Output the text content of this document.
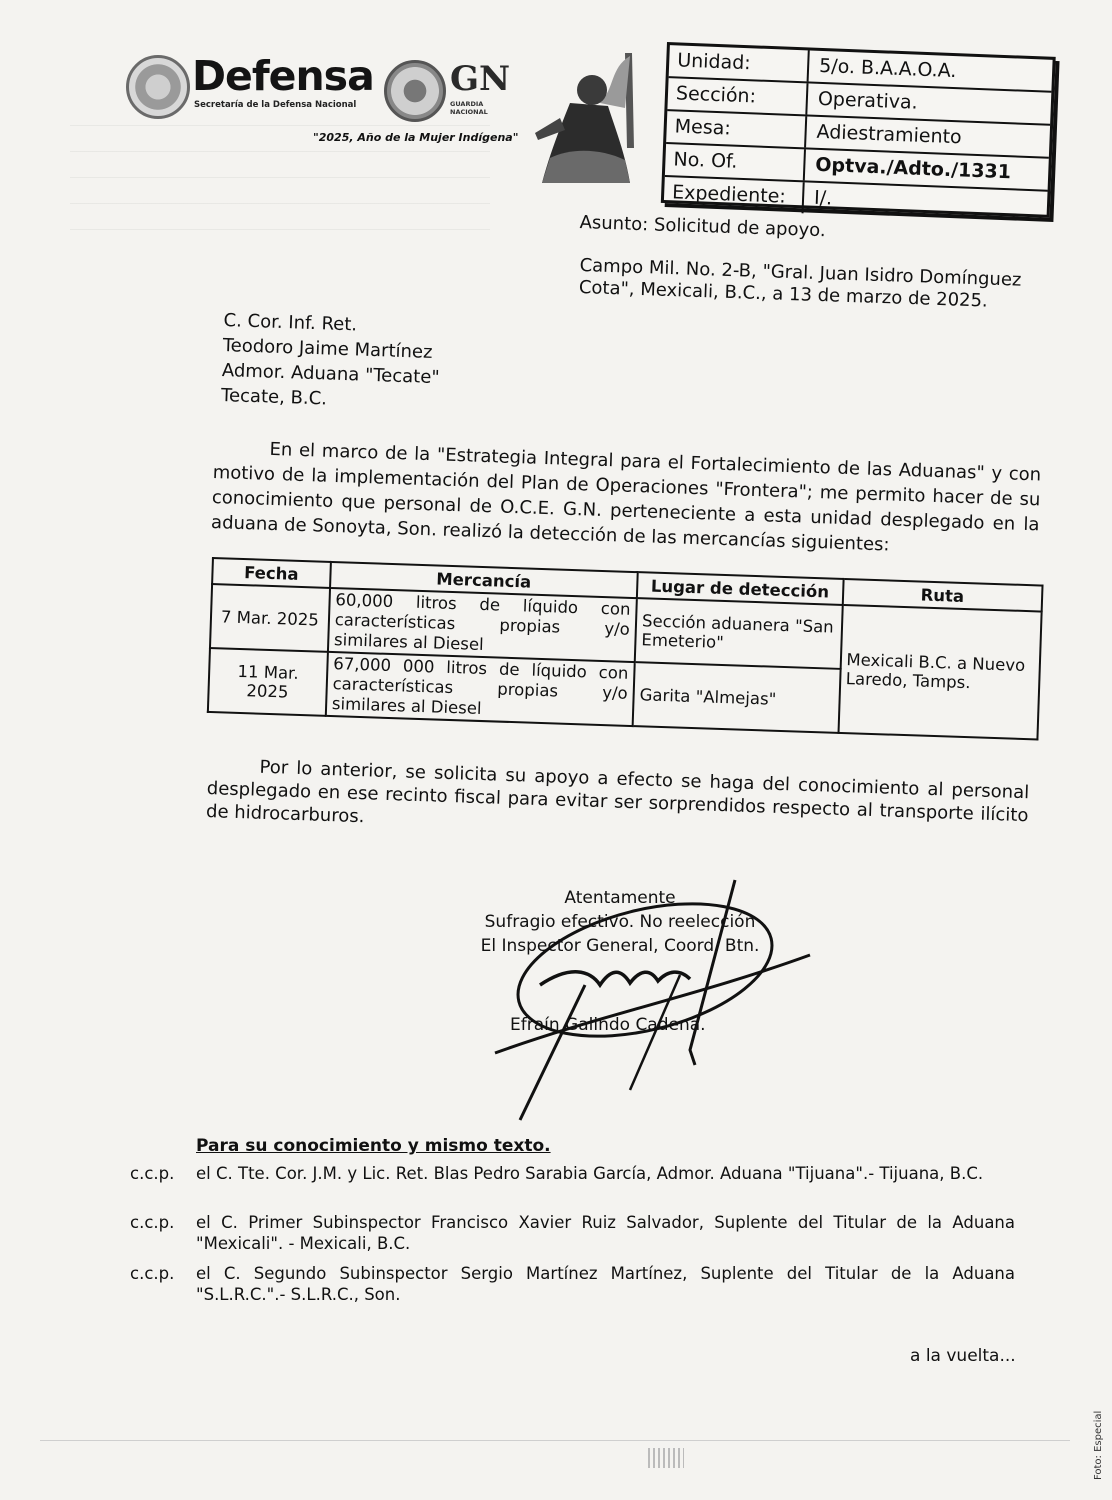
Defensa
Secretaría de la Defensa Nacional
GN
GUARDIA NACIONAL
"2025, Año de la Mujer Indígena"
Unidad:	5/o. B.A.A.O.A.
Sección:	Operativa.
Mesa:	Adiestramiento
No. Of.	Optva./Adto./1331
Expediente:	I/.
Asunto: Solicitud de apoyo.
Campo Mil. No. 2-B, "Gral. Juan Isidro Domínguez Cota", Mexicali, B.C., a 13 de marzo de 2025.
C. Cor. Inf. Ret.
Teodoro Jaime Martínez
Admor. Aduana "Tecate"
Tecate, B.C.
En el marco de la "Estrategia Integral para el Fortalecimiento de las Aduanas" y con motivo de la implementación del Plan de Operaciones "Frontera"; me permito hacer de su conocimiento que personal de O.C.E. G.N. perteneciente a esta unidad desplegado en la aduana de Sonoyta, Son. realizó la detección de las mercancías siguientes:
Fecha	Mercancía	Lugar de detección	Ruta
7 Mar. 2025	60,000 litros de líquido con características propias y/o similares al Diesel	Sección aduanera "San Emeterio"	Mexicali B.C. a Nuevo Laredo, Tamps.
11 Mar. 2025	67,000 000 litros de líquido con características propias y/o similares al Diesel	Garita "Almejas"	
Por lo anterior, se solicita su apoyo a efecto se haga del conocimiento al personal desplegado en ese recinto fiscal para evitar ser sorprendidos respecto al transporte ilícito de hidrocarburos.
Atentamente
Sufragio efectivo. No reelección
El Inspector General, Coord. Btn.
Efraín Galindo Cadena.
Para su conocimiento y mismo texto.
c.c.p.	el C. Tte. Cor. J.M. y Lic. Ret. Blas Pedro Sarabia García, Admor. Aduana "Tijuana".- Tijuana, B.C.
c.c.p.	el C. Primer Subinspector Francisco Xavier Ruiz Salvador, Suplente del Titular de la Aduana "Mexicali". - Mexicali, B.C.
c.c.p.	el C. Segundo Subinspector Sergio Martínez Martínez, Suplente del Titular de la Aduana "S.L.R.C.".- S.L.R.C., Son.
a la vuelta...
Foto: Especial
